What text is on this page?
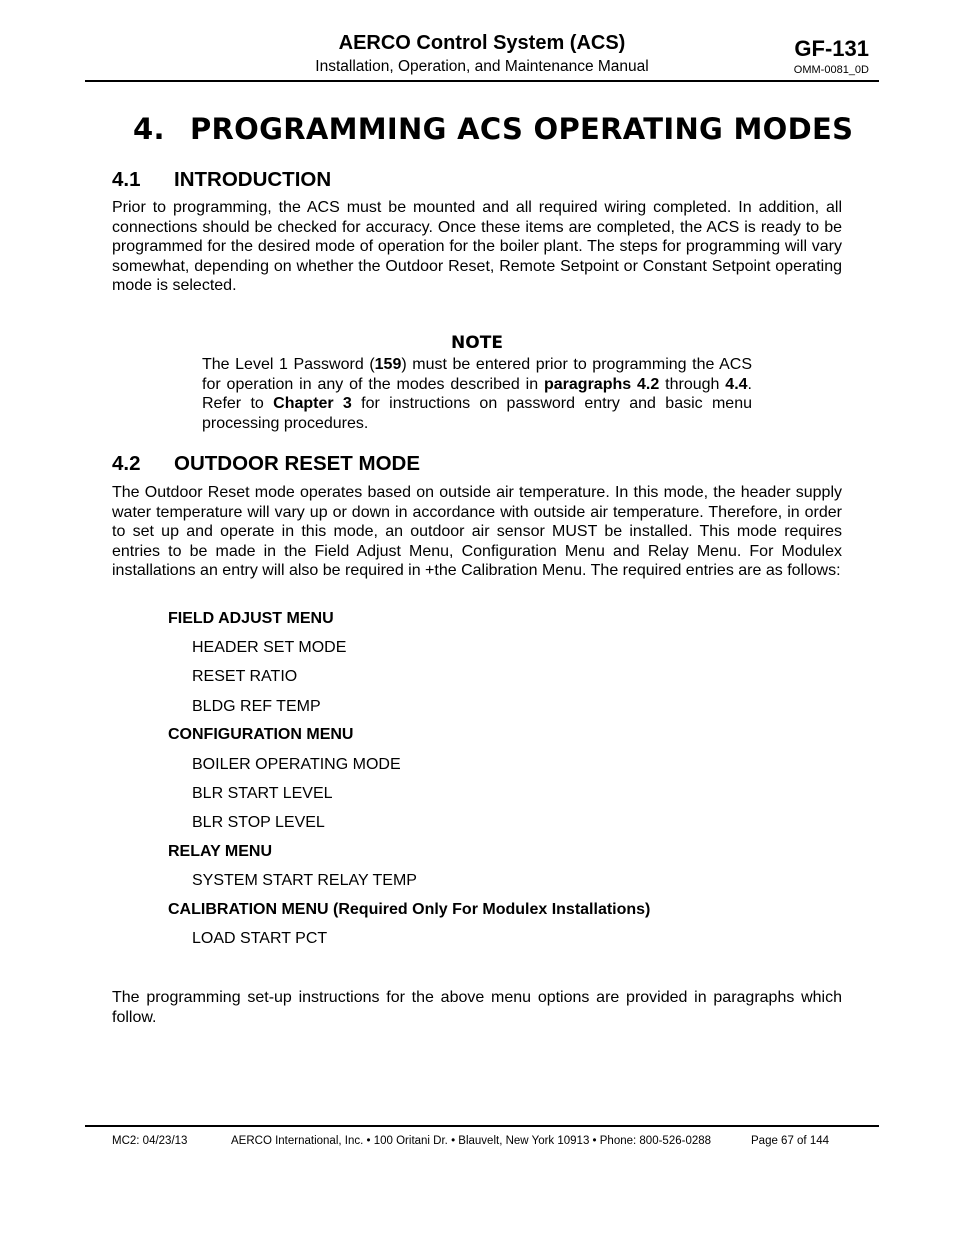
AERCO Control System (ACS)
Installation, Operation, and Maintenance Manual
GF-131
OMM-0081_0D
4. PROGRAMMING ACS OPERATING MODES
4.1 INTRODUCTION
Prior to programming, the ACS must be mounted and all required wiring completed. In addition, all connections should be checked for accuracy. Once these items are completed, the ACS is ready to be programmed for the desired mode of operation for the boiler plant. The steps for programming will vary somewhat, depending on whether the Outdoor Reset, Remote Setpoint or Constant Setpoint operating mode is selected.
NOTE
The Level 1 Password (159) must be entered prior to programming the ACS for operation in any of the modes described in paragraphs 4.2 through 4.4. Refer to Chapter 3 for instructions on password entry and basic menu processing procedures.
4.2 OUTDOOR RESET MODE
The Outdoor Reset mode operates based on outside air temperature. In this mode, the header supply water temperature will vary up or down in accordance with outside air temperature. Therefore, in order to set up and operate in this mode, an outdoor air sensor MUST be installed. This mode requires entries to be made in the Field Adjust Menu, Configuration Menu and Relay Menu. For Modulex installations an entry will also be required in +the Calibration Menu. The required entries are as follows:
FIELD ADJUST MENU
HEADER SET MODE
RESET RATIO
BLDG REF TEMP
CONFIGURATION MENU
BOILER OPERATING MODE
BLR START LEVEL
BLR STOP LEVEL
RELAY MENU
SYSTEM START RELAY TEMP
CALIBRATION MENU (Required Only For Modulex Installations)
LOAD START PCT
The programming set-up instructions for the above menu options are provided in paragraphs which follow.
MC2: 04/23/13	AERCO International, Inc. • 100 Oritani Dr. • Blauvelt, New York 10913 • Phone: 800-526-0288	Page 67 of 144
